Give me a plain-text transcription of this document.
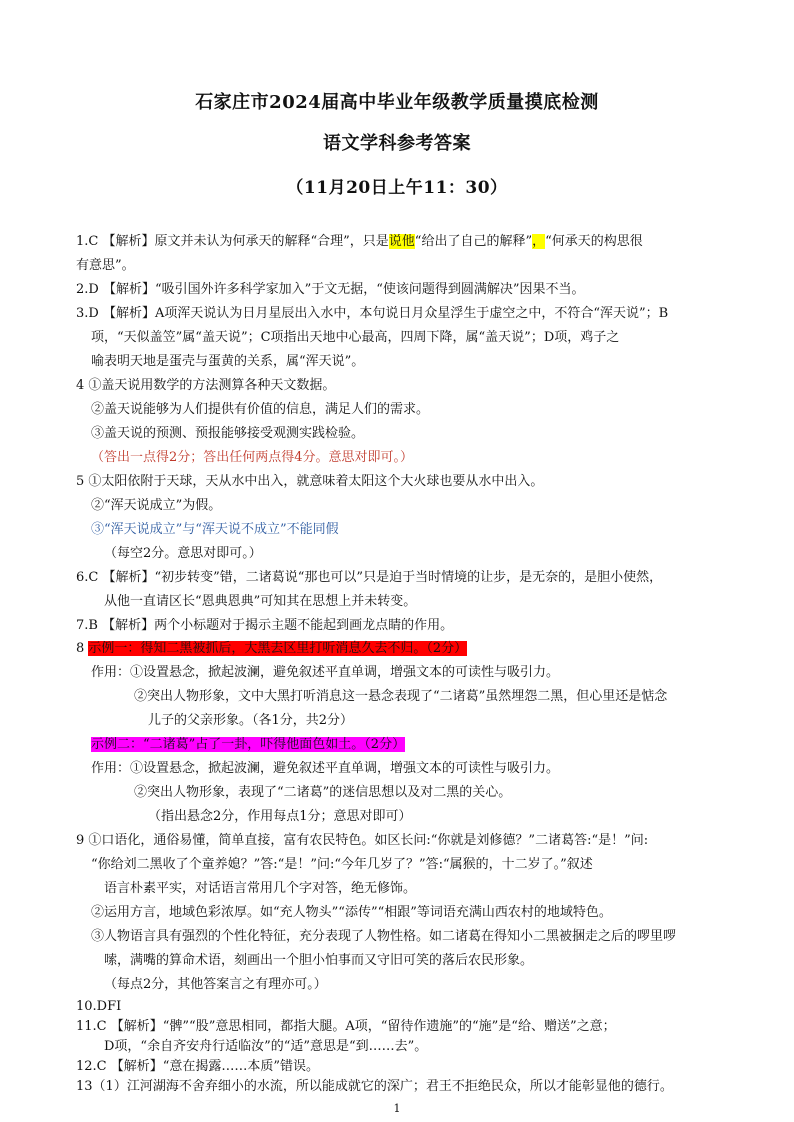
石家庄市2024届高中毕业年级教学质量摸底检测
语文学科参考答案
（11月20日上午11：30）
1.C 【解析】原文并未认为何承天的解释“合理”，只是说他“给出了自己的解释”，“何承天的构思很
有意思”。
2.D 【解析】“吸引国外许多科学家加入”于文无据，“使该问题得到圆满解决”因果不当。
3.D 【解析】A项浑天说认为日月星辰出入水中，本句说日月众星浮生于虚空之中，不符合“浑天说”；B
项，“天似盖笠”属“盖天说”；C项指出天地中心最高，四周下降，属“盖天说”；D项，鸡子之
喻表明天地是蛋壳与蛋黄的关系，属“浑天说”。
4 ①盖天说用数学的方法测算各种天文数据。
②盖天说能够为人们提供有价值的信息，满足人们的需求。
③盖天说的预测、预报能够接受观测实践检验。
（答出一点得2分；答出任何两点得4分。意思对即可。）
5 ①太阳依附于天球，天从水中出入，就意味着太阳这个大火球也要从水中出入。
②“浑天说成立”为假。
③“浑天说成立”与“浑天说不成立”不能同假
（每空2分。意思对即可。）
6.C 【解析】“初步转变”错，二诸葛说“那也可以”只是迫于当时情境的让步，是无奈的，是胆小使然，
从他一直请区长“恩典恩典”可知其在思想上并未转变。
7.B 【解析】两个小标题对于揭示主题不能起到画龙点睛的作用。
8 示例一：得知二黑被抓后，大黑去区里打听消息久去不归。（2分）
作用：①设置悬念，掀起波澜，避免叙述平直单调，增强文本的可读性与吸引力。
②突出人物形象，文中大黑打听消息这一悬念表现了“二诸葛”虽然埋怨二黑，但心里还是惦念
儿子的父亲形象。（各1分，共2分）
示例二：“二诸葛”占了一卦，吓得他面色如土。（2分）
作用：①设置悬念，掀起波澜，避免叙述平直单调，增强文本的可读性与吸引力。
②突出人物形象，表现了“二诸葛”的迷信思想以及对二黑的关心。
（指出悬念2分，作用每点1分；意思对即可）
9 ①口语化，通俗易懂，简单直接，富有农民特色。如区长问:“你就是刘修德？”二诸葛答:“是！”问:
“你给刘二黑收了个童养媳？”答:“是！”问:“今年几岁了？”答:“属猴的，十二岁了。”叙述
语言朴素平实，对话语言常用几个字对答，绝无修饰。
②运用方言，地域色彩浓厚。如“充人物头”“添传”“相跟”等词语充满山西农村的地域特色。
③人物语言具有强烈的个性化特征，充分表现了人物性格。如二诸葛在得知小二黑被捆走之后的啰里啰
嗦，满嘴的算命术语，刻画出一个胆小怕事而又守旧可笑的落后农民形象。
（每点2分，其他答案言之有理亦可。）
10.DFI
11.C 【解析】“髀”“股”意思相同，都指大腿。A项，“留待作遗施”的“施”是“给、赠送”之意；
D项，“余自齐安舟行适临汝”的“适”意思是“到……去”。
12.C 【解析】“意在揭露……本质”错误。
13（1）江河湖海不舍弃细小的水流，所以能成就它的深广；君王不拒绝民众，所以才能彰显他的德行。
1
